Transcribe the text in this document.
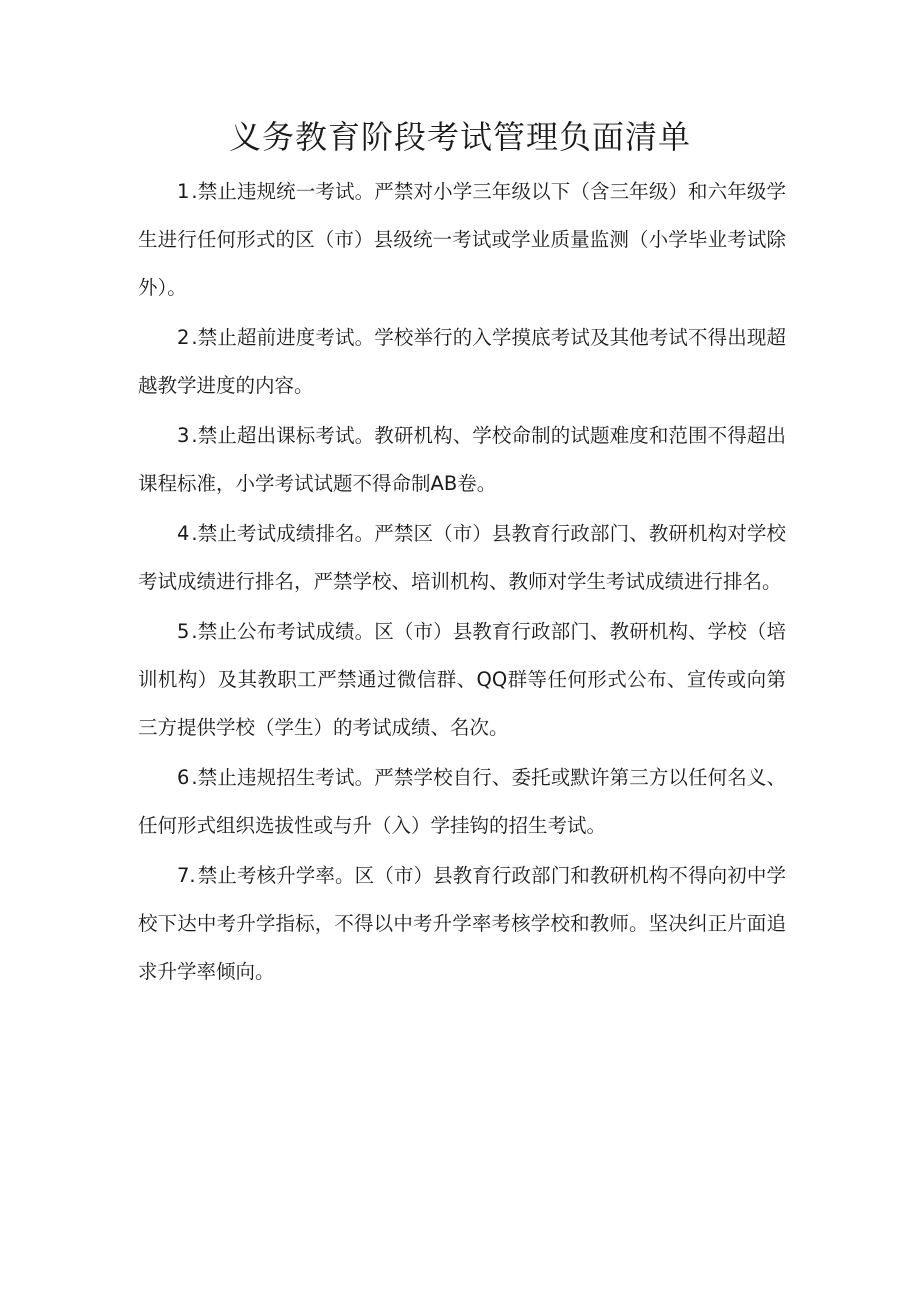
义务教育阶段考试管理负面清单

1 .禁止违规统一考试。严禁对小学三年级以下（含三年级）和六年级学生进行任何形式的区（市）县级统一考试或学业质量监测（小学毕业考试除外）。

2 .禁止超前进度考试。学校举行的入学摸底考试及其他考试不得出现超越教学进度的内容。

3 .禁止超出课标考试。教研机构、学校命制的试题难度和范围不得超出课程标准，小学考试试题不得命制AB卷。

4 .禁止考试成绩排名。严禁区（市）县教育行政部门、教研机构对学校考试成绩进行排名，严禁学校、培训机构、教师对学生考试成绩进行排名。

5 .禁止公布考试成绩。区（市）县教育行政部门、教研机构、学校（培训机构）及其教职工严禁通过微信群、QQ群等任何形式公布、宣传或向第三方提供学校（学生）的考试成绩、名次。

6 .禁止违规招生考试。严禁学校自行、委托或默许第三方以任何名义、任何形式组织选拔性或与升（入）学挂钩的招生考试。

7. 禁止考核升学率。区（市）县教育行政部门和教研机构不得向初中学校下达中考升学指标，不得以中考升学率考核学校和教师。坚决纠正片面追求升学率倾向。
